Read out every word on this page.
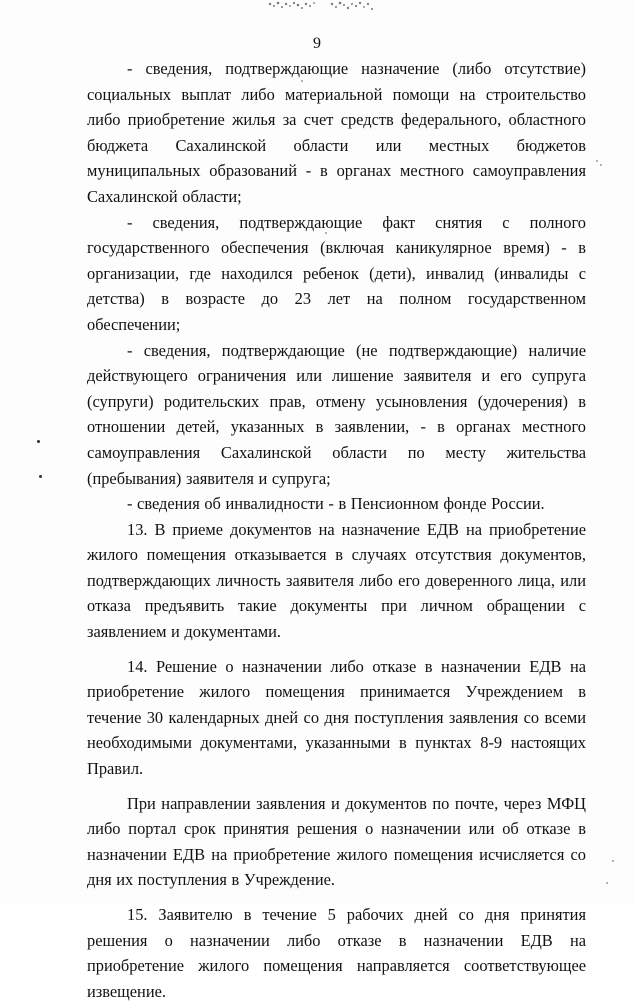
9

- сведения, подтверждающие назначение (либо отсутствие) социальных выплат либо материальной помощи на строительство либо приобретение жилья за счет средств федерального, областного бюджета Сахалинской области или местных бюджетов муниципальных образований - в органах местного самоуправления Сахалинской области;

- сведения, подтверждающие факт снятия с полного государственного обеспечения (включая каникулярное время) - в организации, где находился ребенок (дети), инвалид (инвалиды с детства) в возрасте до 23 лет на полном государственном обеспечении;

- сведения, подтверждающие (не подтверждающие) наличие действующего ограничения или лишение заявителя и его супруга (супруги) родительских прав, отмену усыновления (удочерения) в отношении детей, указанных в заявлении, - в органах местного самоуправления Сахалинской области по месту жительства (пребывания) заявителя и супруга;

- сведения об инвалидности - в Пенсионном фонде России.

13. В приеме документов на назначение ЕДВ на приобретение жилого помещения отказывается в случаях отсутствия документов, подтверждающих личность заявителя либо его доверенного лица, или отказа предъявить такие документы при личном обращении с заявлением и документами.

14. Решение о назначении либо отказе в назначении ЕДВ на приобретение жилого помещения принимается Учреждением в течение 30 календарных дней со дня поступления заявления со всеми необходимыми документами, указанными в пунктах 8-9 настоящих Правил.

При направлении заявления и документов по почте, через МФЦ либо портал срок принятия решения о назначении или об отказе в назначении ЕДВ на приобретение жилого помещения исчисляется со дня их поступления в Учреждение.

15. Заявителю в течение 5 рабочих дней со дня принятия решения о назначении либо отказе в назначении ЕДВ на приобретение жилого помещения направляется соответствующее извещение.
